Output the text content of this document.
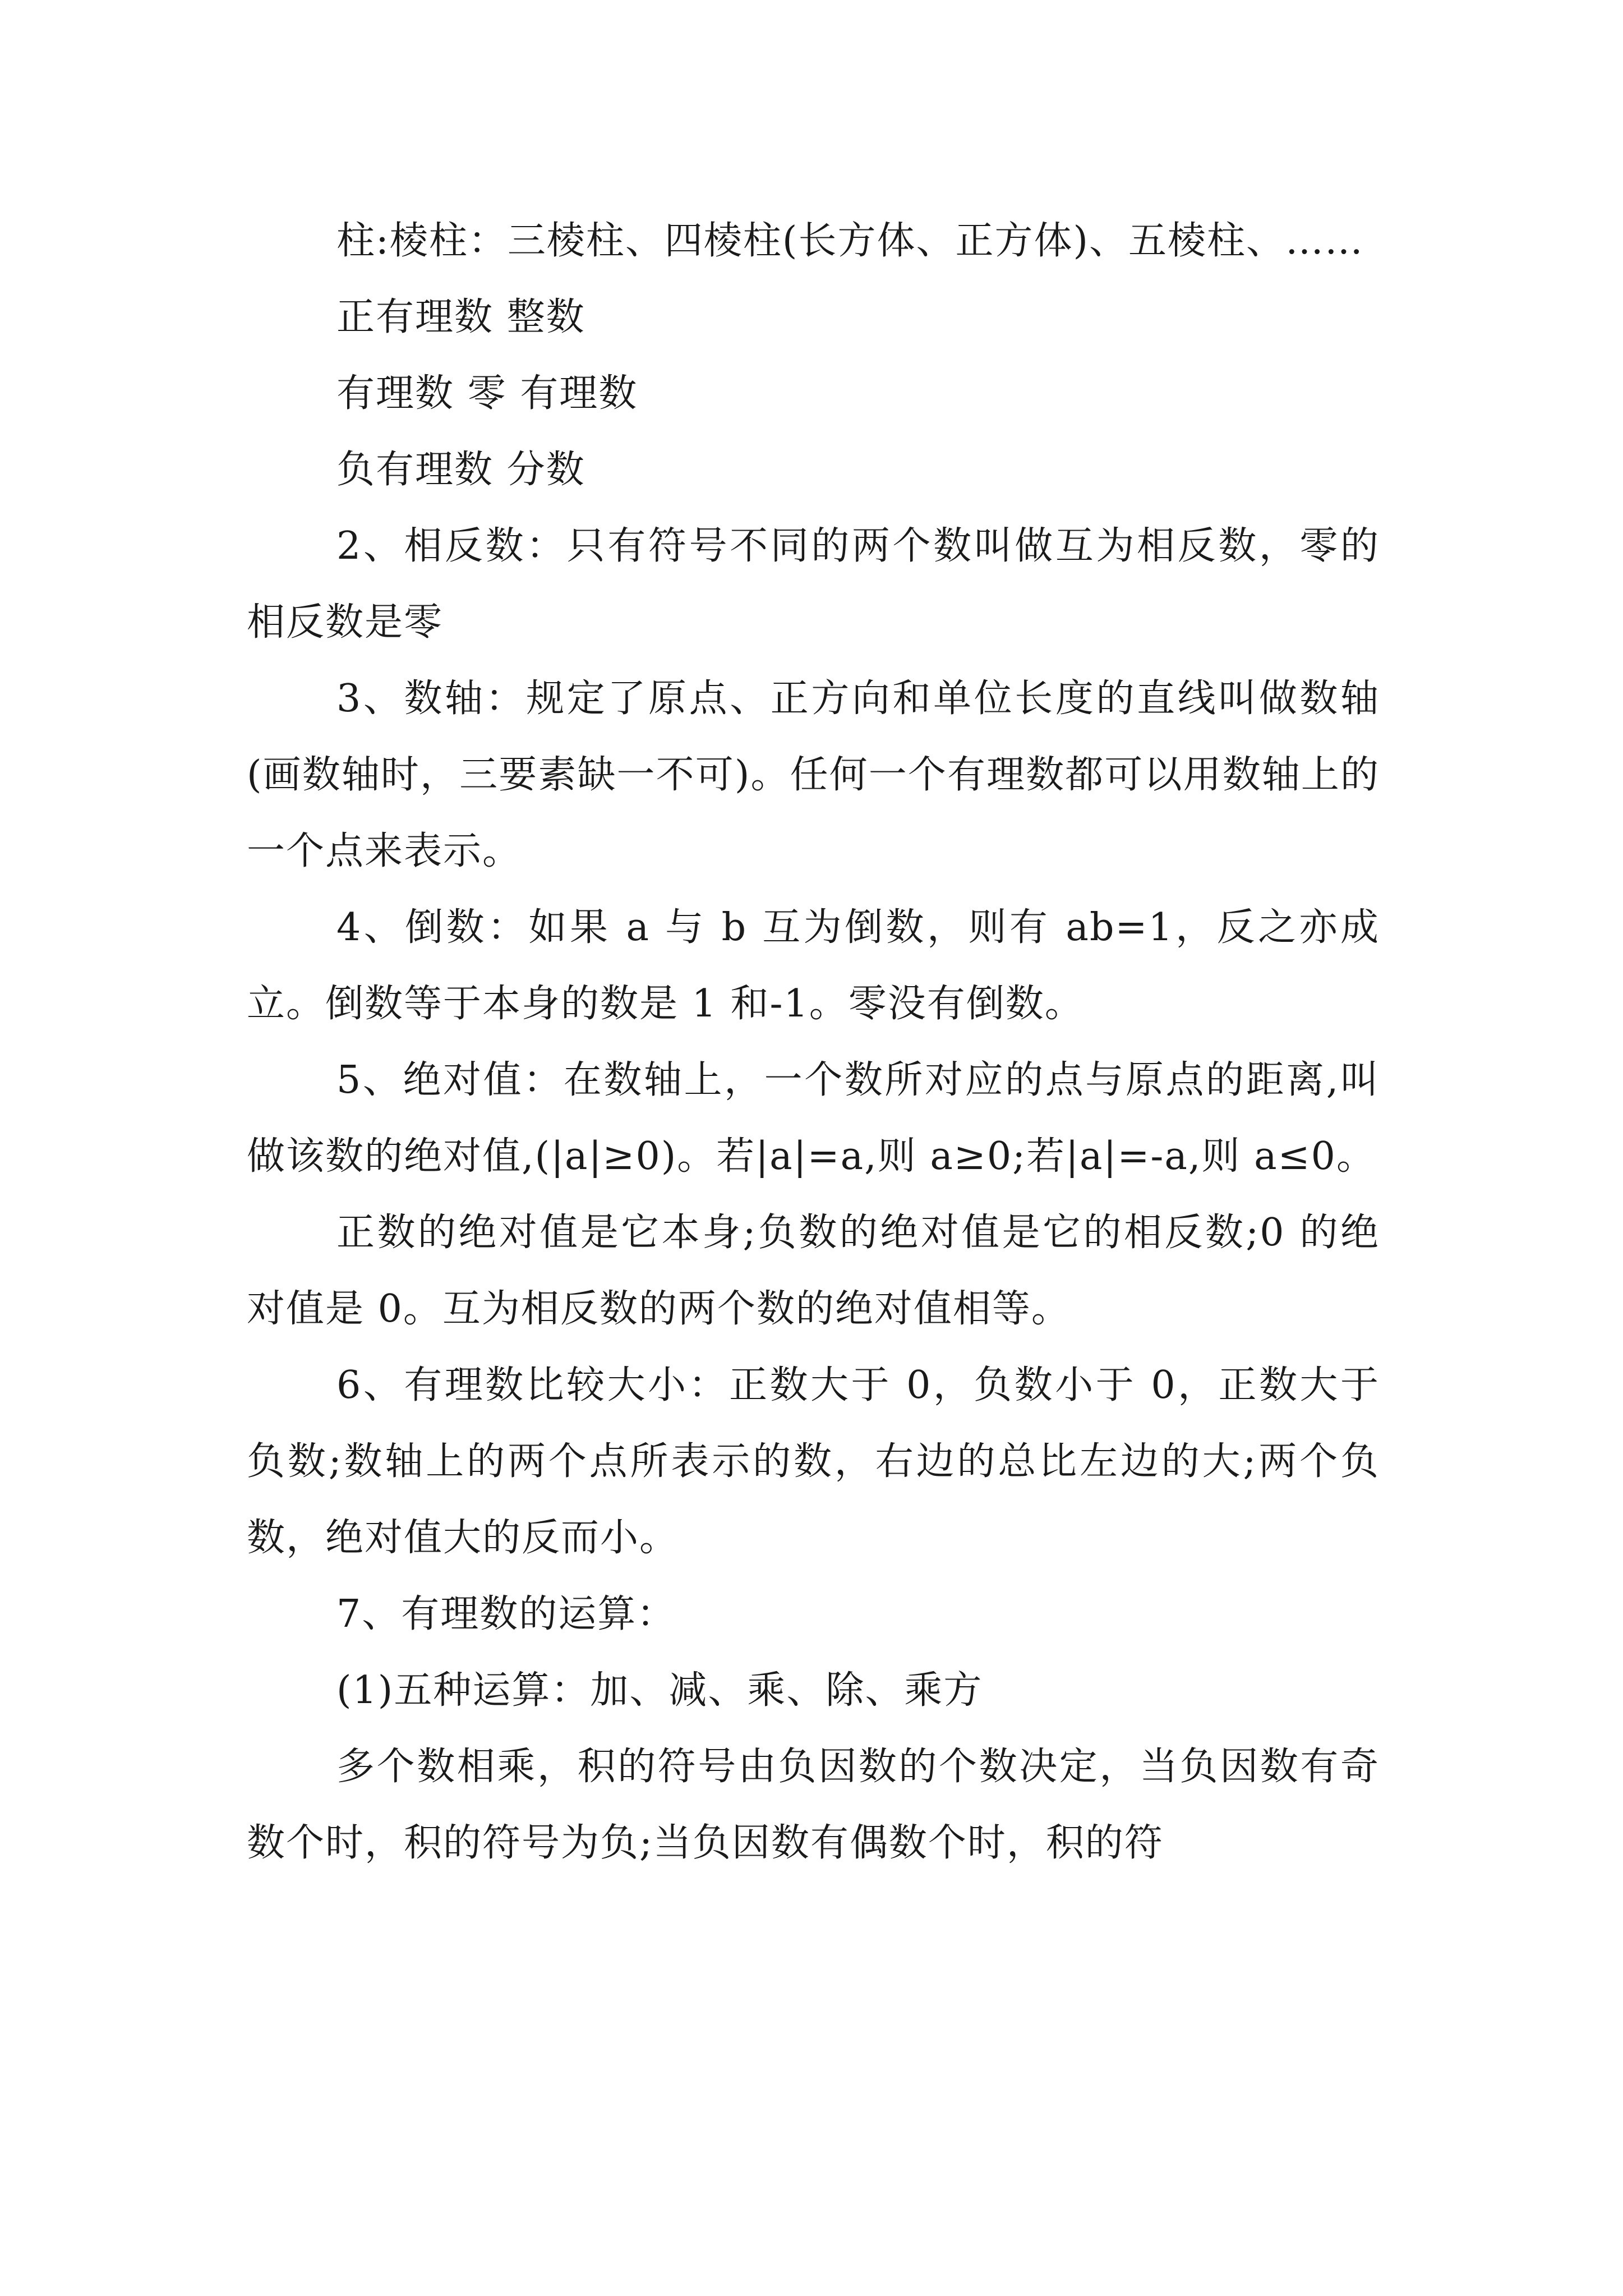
柱:棱柱：三棱柱、四棱柱(长方体、正方体)、五棱柱、……

正有理数 整数

有理数 零 有理数

负有理数 分数

2、相反数：只有符号不同的两个数叫做互为相反数，零的相反数是零

3、数轴：规定了原点、正方向和单位长度的直线叫做数轴(画数轴时，三要素缺一不可)。任何一个有理数都可以用数轴上的一个点来表示。

4、倒数：如果 a 与 b 互为倒数，则有 ab=1，反之亦成立。倒数等于本身的数是 1 和-1。零没有倒数。

5、绝对值：在数轴上，一个数所对应的点与原点的距离,叫做该数的绝对值,(|a|≥0)。若|a|=a,则 a≥0;若|a|=-a,则 a≤0。

正数的绝对值是它本身;负数的绝对值是它的相反数;0 的绝对值是 0。互为相反数的两个数的绝对值相等。

6、有理数比较大小：正数大于 0，负数小于 0，正数大于负数;数轴上的两个点所表示的数，右边的总比左边的大;两个负数，绝对值大的反而小。

7、有理数的运算：

(1)五种运算：加、减、乘、除、乘方

多个数相乘，积的符号由负因数的个数决定，当负因数有奇数个时，积的符号为负;当负因数有偶数个时，积的符
